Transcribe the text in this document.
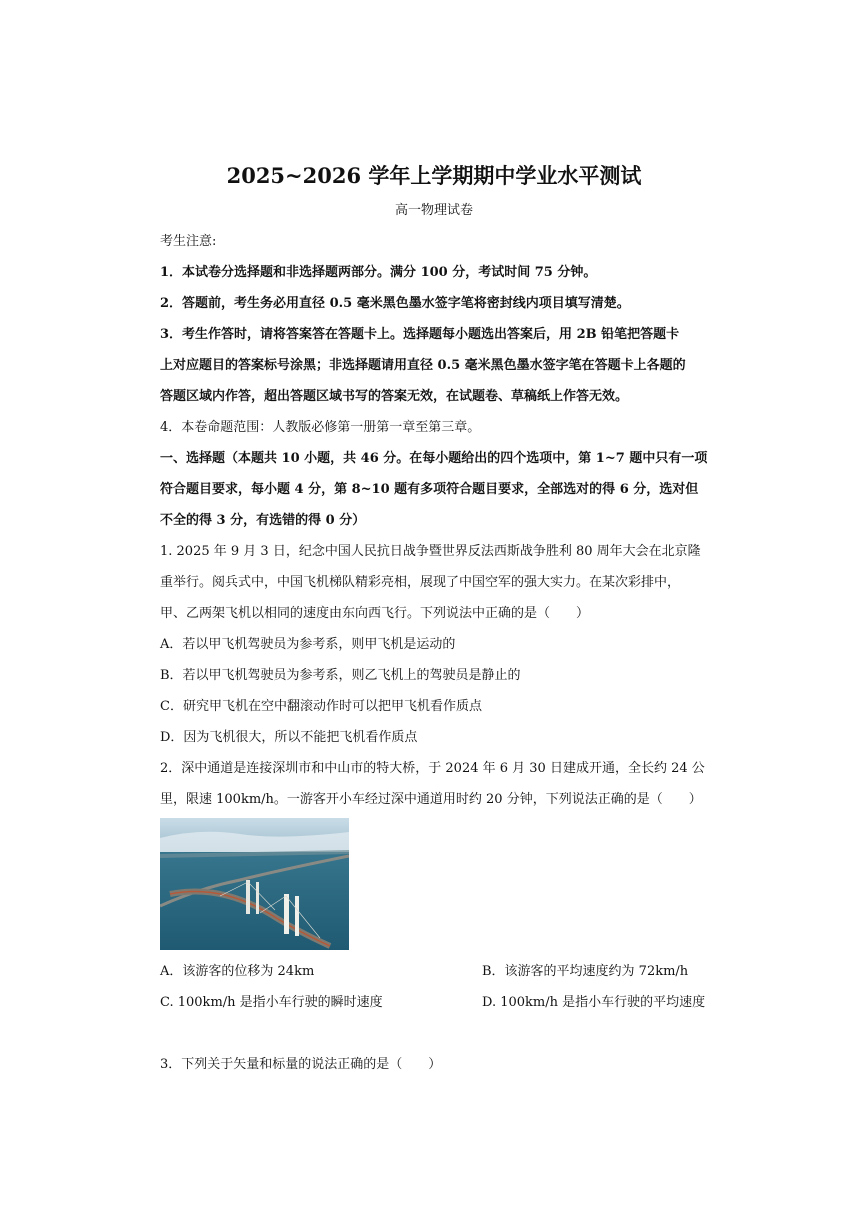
2025~2026 学年上学期期中学业水平测试
高一物理试卷
考生注意:
1．本试卷分选择题和非选择题两部分。满分 100 分，考试时间 75 分钟。
2．答题前，考生务必用直径 0.5 毫米黑色墨水签字笔将密封线内项目填写清楚。
3．考生作答时，请将答案答在答题卡上。选择题每小题选出答案后，用 2B 铅笔把答题卡
上对应题目的答案标号涂黑；非选择题请用直径 0.5 毫米黑色墨水签字笔在答题卡上各题的
答题区域内作答，超出答题区域书写的答案无效，在试题卷、草稿纸上作答无效。
4．本卷命题范围：人教版必修第一册第一章至第三章。
一、选择题（本题共 10 小题，共 46 分。在每小题给出的四个选项中，第 1~7 题中只有一项
符合题目要求，每小题 4 分，第 8~10 题有多项符合题目要求，全部选对的得 6 分，选对但
不全的得 3 分，有选错的得 0 分）
1. 2025 年 9 月 3 日，纪念中国人民抗日战争暨世界反法西斯战争胜利 80 周年大会在北京隆
重举行。阅兵式中，中国飞机梯队精彩亮相，展现了中国空军的强大实力。在某次彩排中，
甲、乙两架飞机以相同的速度由东向西飞行。下列说法中正确的是（　　）
A．若以甲飞机驾驶员为参考系，则甲飞机是运动的
B．若以甲飞机驾驶员为参考系，则乙飞机上的驾驶员是静止的
C．研究甲飞机在空中翻滚动作时可以把甲飞机看作质点
D．因为飞机很大，所以不能把飞机看作质点
2．深中通道是连接深圳市和中山市的特大桥，于 2024 年 6 月 30 日建成开通，全长约 24 公
里，限速 100km/h。一游客开小车经过深中通道用时约 20 分钟，下列说法正确的是（　　）
A．该游客的位移为 24km	B．该游客的平均速度约为 72km/h
C. 100km/h 是指小车行驶的瞬时速度	D. 100km/h 是指小车行驶的平均速度
3．下列关于矢量和标量的说法正确的是（　　）
